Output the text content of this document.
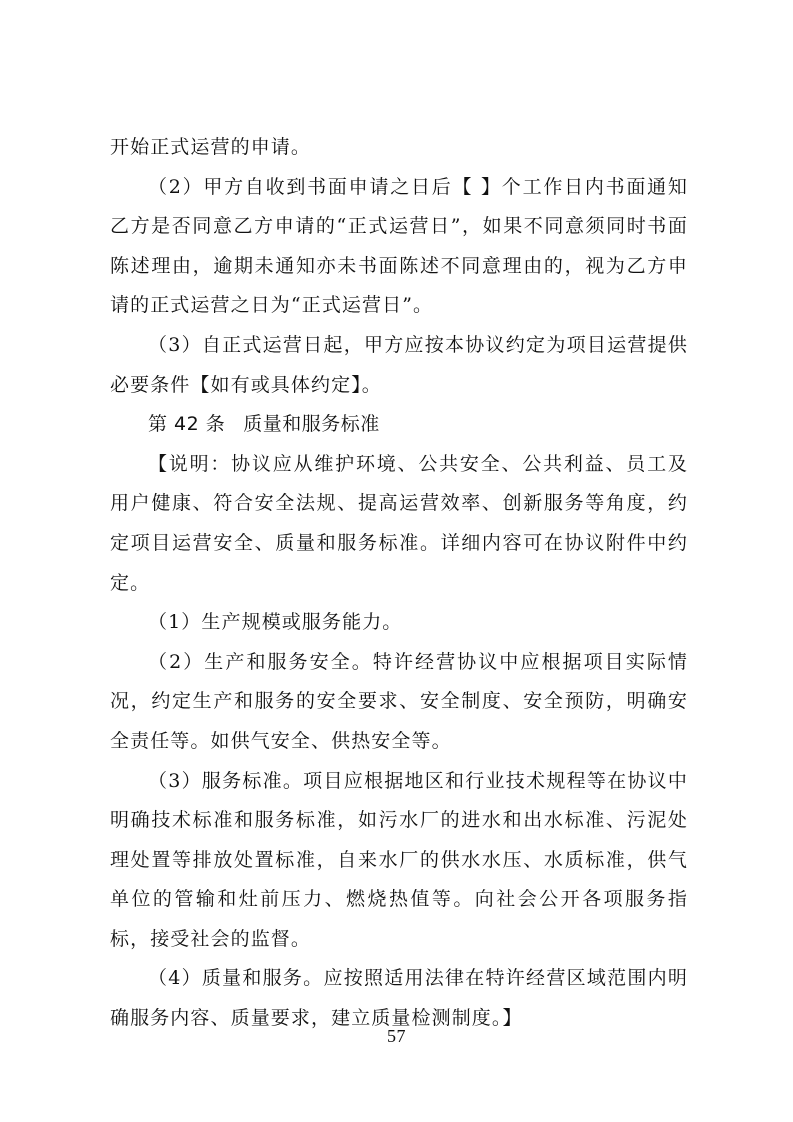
开始正式运营的申请。

（2）甲方自收到书面申请之日后【 】个工作日内书面通知乙方是否同意乙方申请的“正式运营日”，如果不同意须同时书面陈述理由，逾期未通知亦未书面陈述不同意理由的，视为乙方申请的正式运营之日为“正式运营日”。

（3）自正式运营日起，甲方应按本协议约定为项目运营提供必要条件【如有或具体约定】。

第 42 条 质量和服务标准

【说明：协议应从维护环境、公共安全、公共利益、员工及用户健康、符合安全法规、提高运营效率、创新服务等角度，约定项目运营安全、质量和服务标准。详细内容可在协议附件中约定。

（1）生产规模或服务能力。

（2）生产和服务安全。特许经营协议中应根据项目实际情况，约定生产和服务的安全要求、安全制度、安全预防，明确安全责任等。如供气安全、供热安全等。

（3）服务标准。项目应根据地区和行业技术规程等在协议中明确技术标准和服务标准，如污水厂的进水和出水标准、污泥处理处置等排放处置标准，自来水厂的供水水压、水质标准，供气单位的管输和灶前压力、燃烧热值等。向社会公开各项服务指标，接受社会的监督。

（4）质量和服务。应按照适用法律在特许经营区域范围内明确服务内容、质量要求，建立质量检测制度。】

57
